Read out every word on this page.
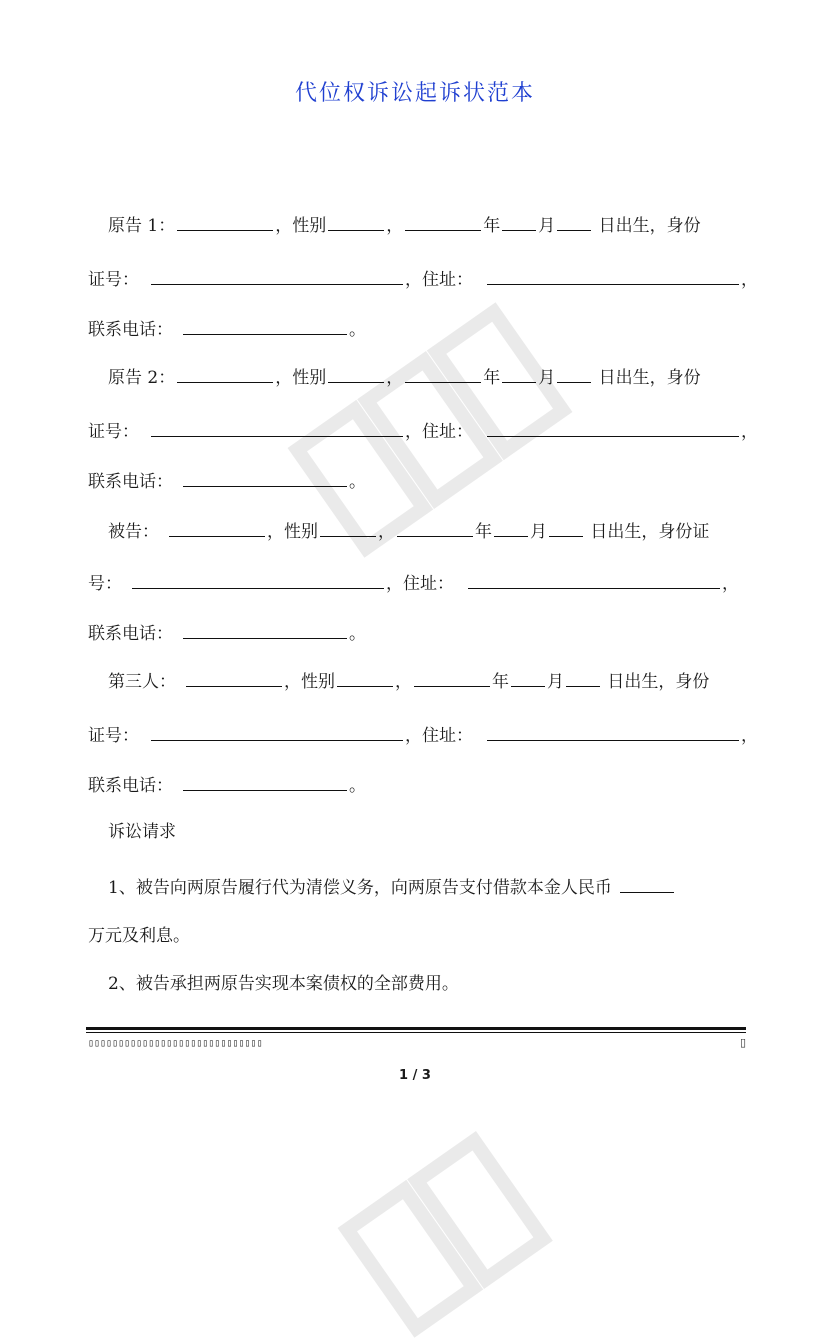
代位权诉讼起诉状范本
原告 1：	，性别	，	年 月 日出生，身份
证号：	，住址：	，
联系电话：	。
原告 2：	，性别	，	年 月 日出生，身份
证号：	，住址：	，
联系电话：	。
被告：	，性别	，	年 月 日出生，身份证
号：	，住址：	，
联系电话：	。
第三人：	，性别	，	年 月 日出生，身份
证号：	，住址：	，
联系电话：	。
诉讼请求
1、被告向两原告履行代为清偿义务，向两原告支付借款本金人民币
万元及利息。
2、被告承担两原告实现本案债权的全部费用。
▯▯▯▯▯▯▯▯▯▯▯▯▯▯▯▯▯▯▯▯▯▯▯▯▯▯▯▯▯	▯
1 / 3
